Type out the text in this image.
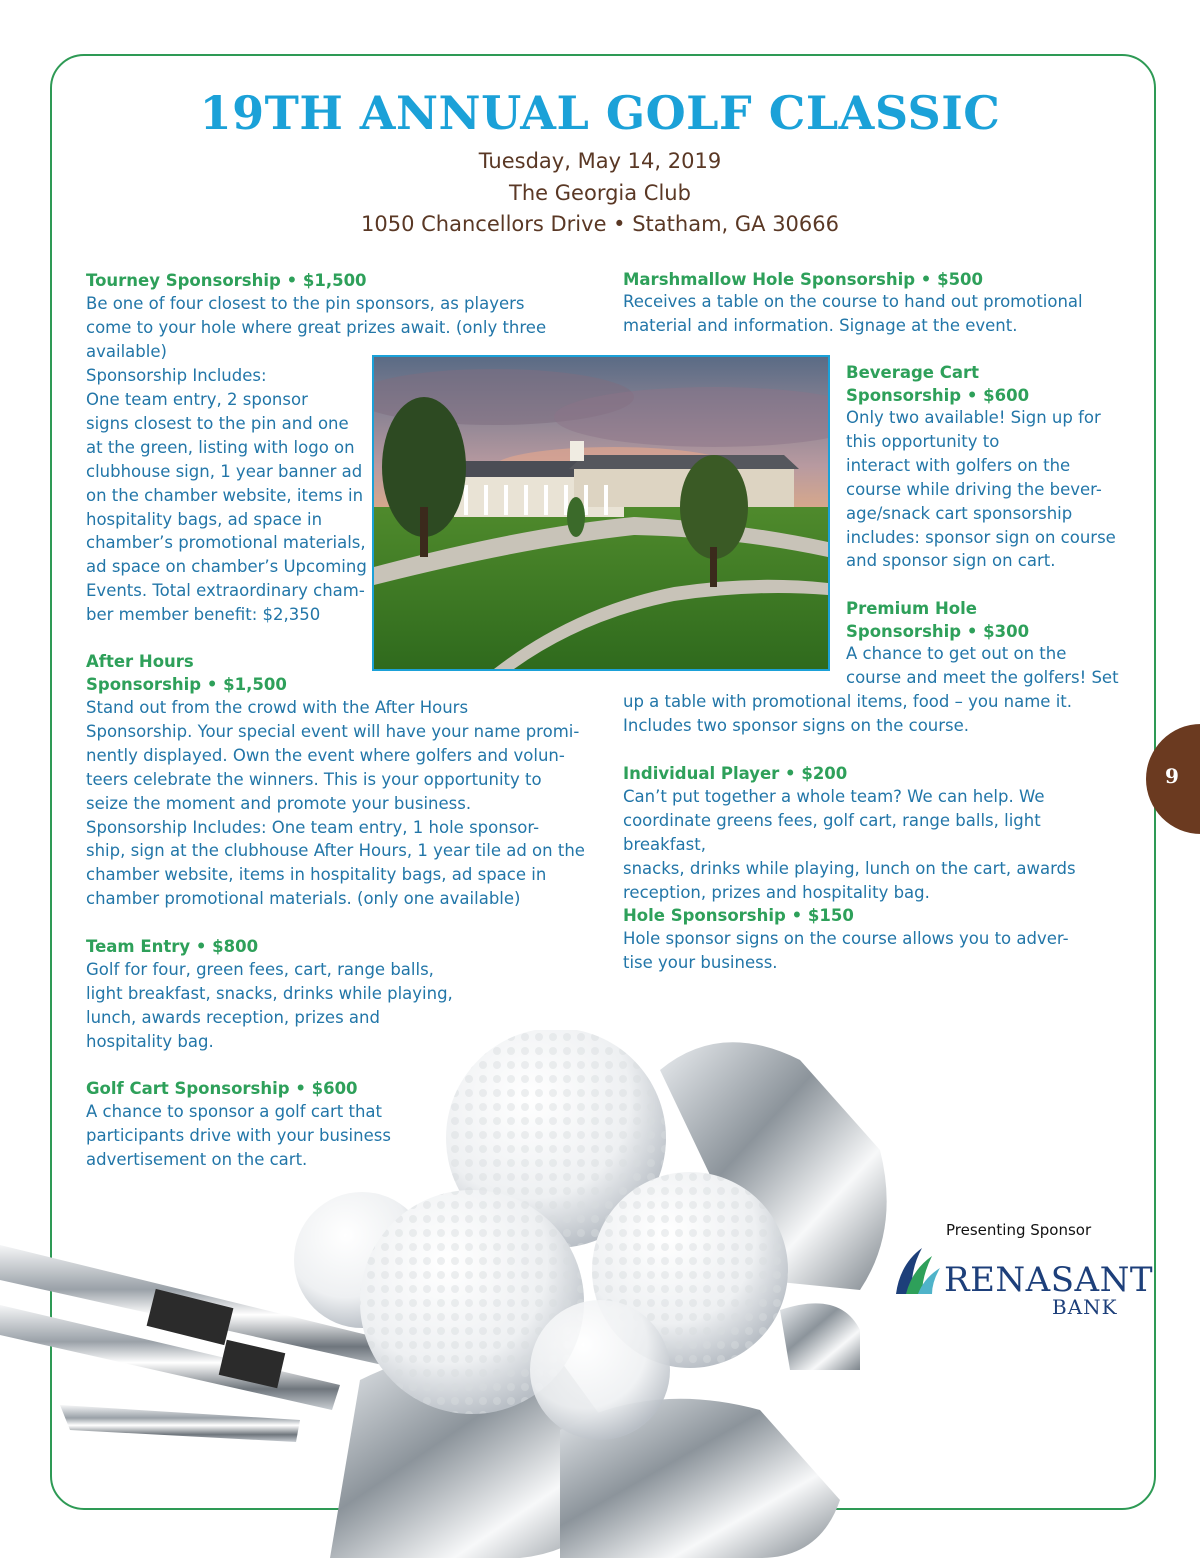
19TH ANNUAL GOLF CLASSIC
Tuesday, May 14, 2019
The Georgia Club
1050 Chancellors Drive • Statham, GA 30666
Tourney Sponsorship • $1,500
Be one of four closest to the pin sponsors, as players
come to your hole where great prizes await. (only three
available)
Sponsorship Includes:
One team entry, 2 sponsor
signs closest to the pin and one
at the green, listing with logo on
clubhouse sign, 1 year banner ad
on the chamber website, items in
hospitality bags, ad space in
chamber’s promotional materials,
ad space on chamber’s Upcoming
Events. Total extraordinary cham-
ber member benefit: $2,350
After Hours
Sponsorship • $1,500
Stand out from the crowd with the After Hours
Sponsorship. Your special event will have your name promi-
nently displayed. Own the event where golfers and volun-
teers celebrate the winners. This is your opportunity to
seize the moment and promote your business.
Sponsorship Includes: One team entry, 1 hole sponsor-
ship, sign at the clubhouse After Hours, 1 year tile ad on the
chamber website, items in hospitality bags, ad space in
chamber promotional materials. (only one available)
Team Entry • $800
Golf for four, green fees, cart, range balls,
light breakfast, snacks, drinks while playing,
lunch, awards reception, prizes and
hospitality bag.
Golf Cart Sponsorship • $600
A chance to sponsor a golf cart that
participants drive with your business
advertisement on the cart.
Marshmallow Hole Sponsorship • $500
Receives a table on the course to hand out promotional
material and information. Signage at the event.
Beverage Cart
Sponsorship • $600
Only two available! Sign up for
this opportunity to
interact with golfers on the
course while driving the bever-
age/snack cart sponsorship
includes: sponsor sign on course
and sponsor sign on cart.
Premium Hole
Sponsorship • $300
A chance to get out on the
course and meet the golfers! Set
up a table with promotional items, food – you name it.
Includes two sponsor signs on the course.
Individual Player • $200
Can’t put together a whole team? We can help. We
coordinate greens fees, golf cart, range balls, light breakfast,
snacks, drinks while playing, lunch on the cart, awards
reception, prizes and hospitality bag.
Hole Sponsorship • $150
Hole sponsor signs on the course allows you to adver-
tise your business.
9
Presenting Sponsor
RENASANT
BANK
